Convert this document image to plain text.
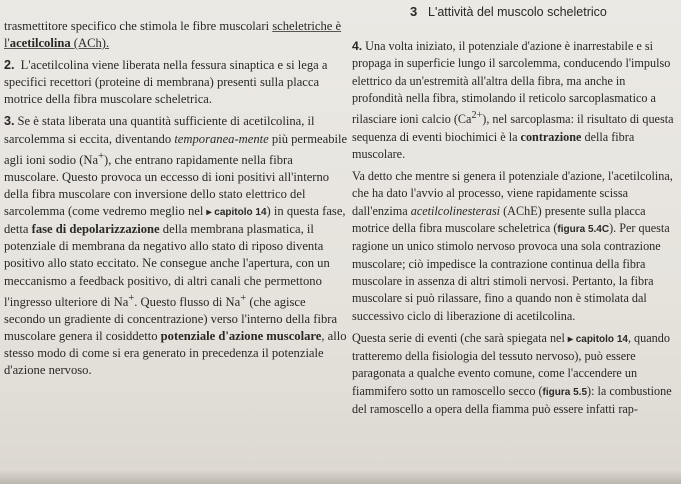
3 L'attività del muscolo scheletrico

trasmettitore specifico che stimola le fibre muscolari scheletriche è l'acetilcolina (ACh).

2. L'acetilcolina viene liberata nella fessura sinaptica e si lega a specifici recettori (proteine di membrana) presenti sulla placca motrice della fibra muscolare scheletrica.

3. Se è stata liberata una quantità sufficiente di acetilcolina, il sarcolemma si eccita, diventando temporanea-mente più permeabile agli ioni sodio (Na+), che entrano rapidamente nella fibra muscolare. Questo provoca un eccesso di ioni positivi all'interno della fibra muscolare con inversione dello stato elettrico del sarcolemma (come vedremo meglio nel ▸ capitolo 14) in questa fase, detta fase di depolarizzazione della membrana plasmatica, il potenziale di membrana da negativo allo stato di riposo diventa positivo allo stato eccitato. Ne consegue anche l'apertura, con un meccanismo a feedback positivo, di altri canali che permettono l'ingresso ulteriore di Na+. Questo flusso di Na+ (che agisce secondo un gradiente di concentrazione) verso l'interno della fibra muscolare genera il cosiddetto potenziale d'azione muscolare, allo stesso modo di come si era generato in precedenza il potenziale d'azione nervoso.

4. Una volta iniziato, il potenziale d'azione è inarrestabile e si propaga in superficie lungo il sarcolemma, conducendo l'impulso elettrico da un'estremità all'altra della fibra, ma anche in profondità nella fibra, stimolando il reticolo sarcoplasmatico a rilasciare ioni calcio $(Ca^{2+})$, nel sarcoplasma: il risultato di questa sequenza di eventi biochimici è la contrazione della fibra muscolare.

Va detto che mentre si genera il potenziale d'azione, l'acetilcolina, che ha dato l'avvio al processo, viene rapidamente scissa dall'enzima acetilcolinesterasi (AChE) presente sulla placca motrice della fibra muscolare scheletrica (figura 5.4C). Per questa ragione un unico stimolo nervoso provoca una sola contrazione muscolare; ciò impedisce la contrazione continua della fibra muscolare in assenza di altri stimoli nervosi. Pertanto, la fibra muscolare si può rilassare, fino a quando non è stimolata dal successivo ciclo di liberazione di acetilcolina.

Questa serie di eventi (che sarà spiegata nel ▸ capitolo 14, quando tratteremo della fisiologia del tessuto nervoso), può essere paragonata a qualche evento comune, come l'accendere un fiammifero sotto un ramoscello secco (figura 5.5): la combustione del ramoscello a opera della fiamma può essere infatti rap-
